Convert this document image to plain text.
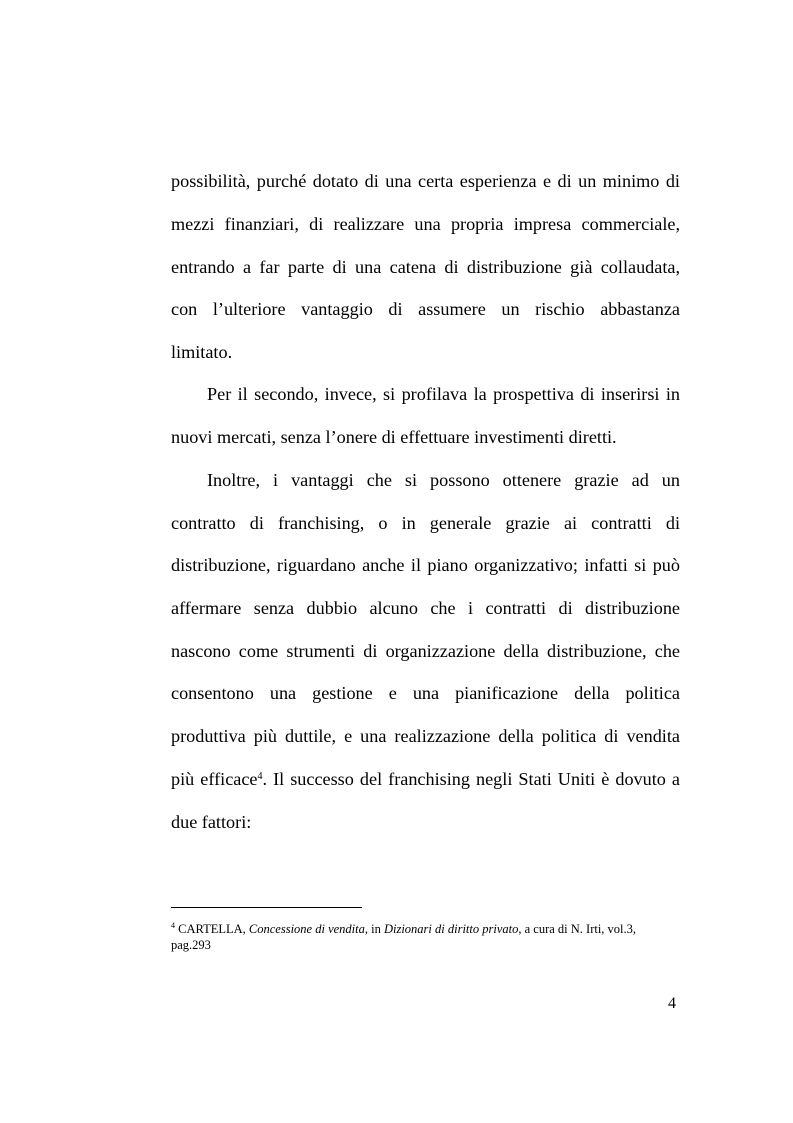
possibilità, purché dotato di una certa esperienza e di un minimo di
mezzi finanziari, di realizzare una propria impresa commerciale,
entrando a far parte di una catena di distribuzione già collaudata,
con l’ulteriore vantaggio di assumere un rischio abbastanza
limitato.
Per il secondo, invece, si profilava la prospettiva di inserirsi in
nuovi mercati, senza l’onere di effettuare investimenti diretti.
Inoltre, i vantaggi che si possono ottenere grazie ad un
contratto di franchising, o in generale grazie ai contratti di
distribuzione, riguardano anche il piano organizzativo; infatti si può
affermare senza dubbio alcuno che i contratti di distribuzione
nascono come strumenti di organizzazione della distribuzione, che
consentono una gestione e una pianificazione della politica
produttiva più duttile, e una realizzazione della politica di vendita
più efficace$^4$. Il successo del franchising negli Stati Uniti è dovuto a
due fattori:
$^4$ CARTELLA, Concessione di vendita, in Dizionari di diritto privato, a cura di N. Irti, vol.3,
pag.293
4
